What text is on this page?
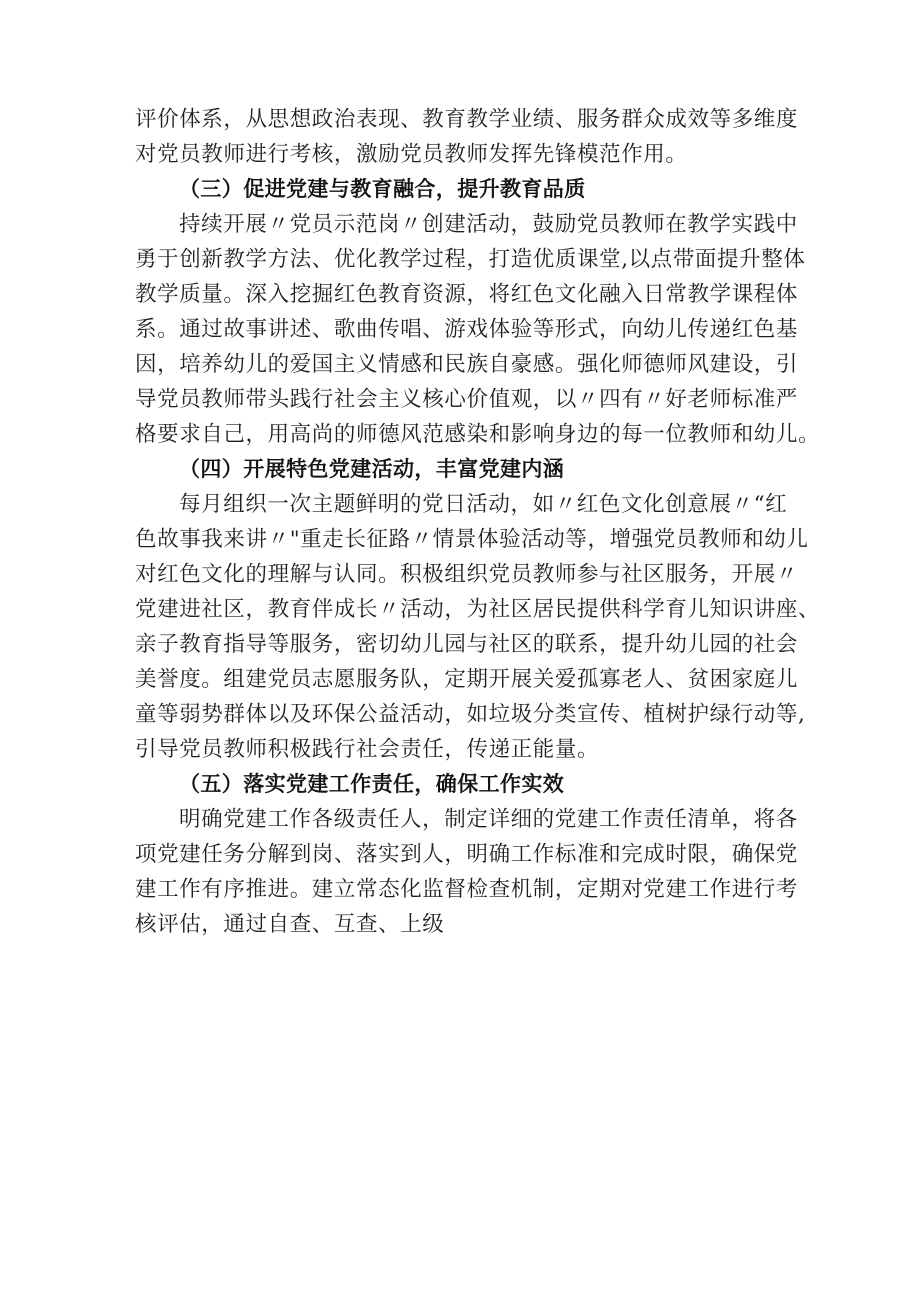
评价体系，从思想政治表现、教育教学业绩、服务群众成效等多维度
对党员教师进行考核，激励党员教师发挥先锋模范作用。
（三）促进党建与教育融合，提升教育品质
持续开展〃党员示范岗〃创建活动，鼓励党员教师在教学实践中
勇于创新教学方法、优化教学过程，打造优质课堂,以点带面提升整体
教学质量。深入挖掘红色教育资源，将红色文化融入日常教学课程体
系。通过故事讲述、歌曲传唱、游戏体验等形式，向幼儿传递红色基
因，培养幼儿的爱国主义情感和民族自豪感。强化师德师风建设，引
导党员教师带头践行社会主义核心价值观，以〃四有〃好老师标准严
格要求自己，用高尚的师德风范感染和影响身边的每一位教师和幼儿。
（四）开展特色党建活动，丰富党建内涵
每月组织一次主题鲜明的党日活动，如〃红色文化创意展〃“红
色故事我来讲〃"重走长征路〃情景体验活动等，增强党员教师和幼儿
对红色文化的理解与认同。积极组织党员教师参与社区服务，开展〃
党建进社区，教育伴成长〃活动，为社区居民提供科学育儿知识讲座、
亲子教育指导等服务，密切幼儿园与社区的联系，提升幼儿园的社会
美誉度。组建党员志愿服务队，定期开展关爱孤寡老人、贫困家庭儿
童等弱势群体以及环保公益活动，如垃圾分类宣传、植树护绿行动等,
引导党员教师积极践行社会责任，传递正能量。
（五）落实党建工作责任，确保工作实效
明确党建工作各级责任人，制定详细的党建工作责任清单，将各
项党建任务分解到岗、落实到人，明确工作标准和完成时限，确保党
建工作有序推进。建立常态化监督检查机制，定期对党建工作进行考
核评估，通过自查、互查、上级
